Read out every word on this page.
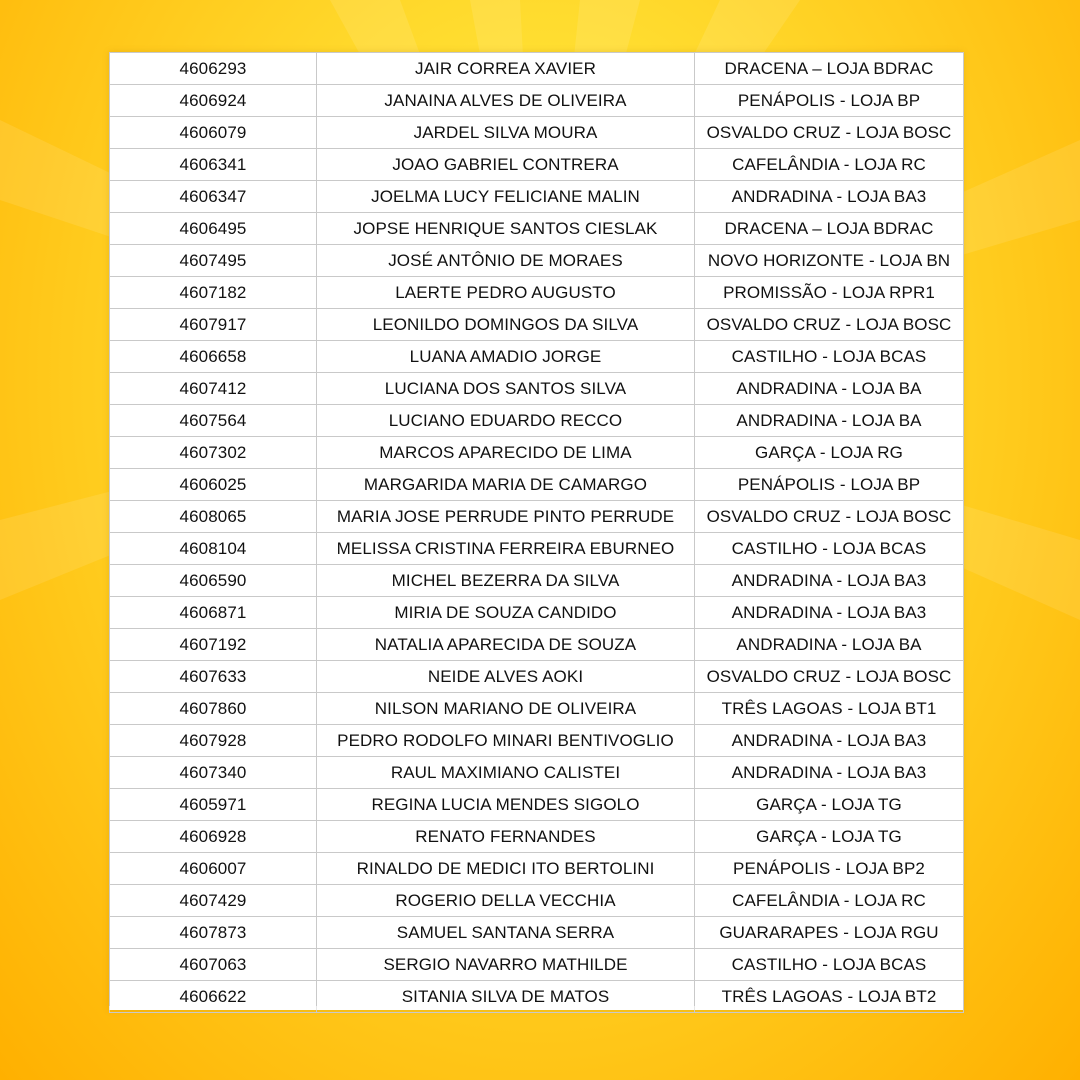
4606293	JAIR CORREA XAVIER	DRACENA – LOJA BDRAC
4606924	JANAINA ALVES DE OLIVEIRA	PENÁPOLIS - LOJA BP
4606079	JARDEL SILVA MOURA	OSVALDO CRUZ - LOJA BOSC
4606341	JOAO GABRIEL CONTRERA	CAFELÂNDIA - LOJA RC
4606347	JOELMA LUCY FELICIANE MALIN	ANDRADINA - LOJA BA3
4606495	JOPSE HENRIQUE SANTOS CIESLAK	DRACENA – LOJA BDRAC
4607495	JOSÉ ANTÔNIO DE MORAES	NOVO HORIZONTE - LOJA BN
4607182	LAERTE PEDRO AUGUSTO	PROMISSÃO - LOJA RPR1
4607917	LEONILDO DOMINGOS DA SILVA	OSVALDO CRUZ - LOJA BOSC
4606658	LUANA AMADIO JORGE	CASTILHO - LOJA BCAS
4607412	LUCIANA DOS SANTOS SILVA	ANDRADINA - LOJA BA
4607564	LUCIANO EDUARDO RECCO	ANDRADINA - LOJA BA
4607302	MARCOS APARECIDO DE LIMA	GARÇA - LOJA RG
4606025	MARGARIDA MARIA DE CAMARGO	PENÁPOLIS - LOJA BP
4608065	MARIA JOSE PERRUDE PINTO PERRUDE	OSVALDO CRUZ - LOJA BOSC
4608104	MELISSA CRISTINA FERREIRA EBURNEO	CASTILHO - LOJA BCAS
4606590	MICHEL BEZERRA DA SILVA	ANDRADINA - LOJA BA3
4606871	MIRIA DE SOUZA CANDIDO	ANDRADINA - LOJA BA3
4607192	NATALIA APARECIDA DE SOUZA	ANDRADINA - LOJA BA
4607633	NEIDE ALVES AOKI	OSVALDO CRUZ - LOJA BOSC
4607860	NILSON MARIANO DE OLIVEIRA	TRÊS LAGOAS - LOJA BT1
4607928	PEDRO RODOLFO MINARI BENTIVOGLIO	ANDRADINA - LOJA BA3
4607340	RAUL MAXIMIANO CALISTEI	ANDRADINA - LOJA BA3
4605971	REGINA LUCIA MENDES SIGOLO	GARÇA - LOJA TG
4606928	RENATO FERNANDES	GARÇA - LOJA TG
4606007	RINALDO DE MEDICI ITO BERTOLINI	PENÁPOLIS - LOJA BP2
4607429	ROGERIO DELLA VECCHIA	CAFELÂNDIA - LOJA RC
4607873	SAMUEL SANTANA SERRA	GUARARAPES - LOJA RGU
4607063	SERGIO NAVARRO MATHILDE	CASTILHO - LOJA BCAS
4606622	SITANIA SILVA DE MATOS	TRÊS LAGOAS - LOJA BT2
